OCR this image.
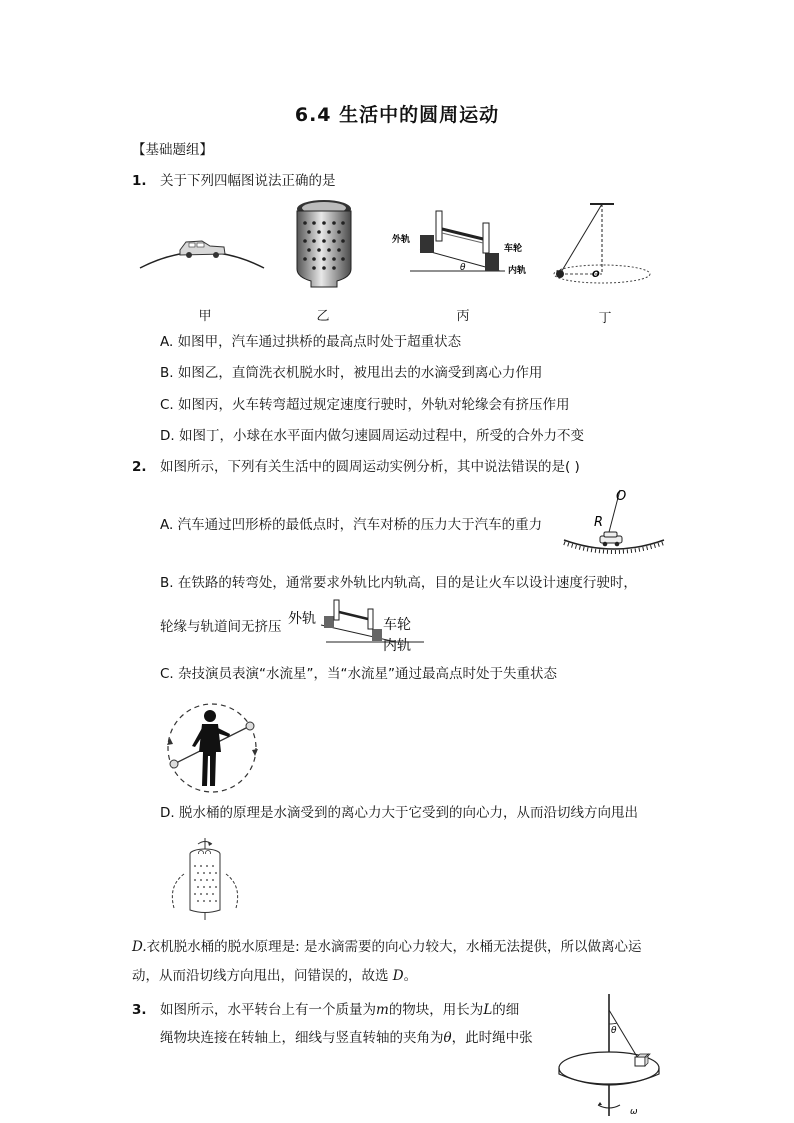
6.4 生活中的圆周运动
【基础题组】
1. 关于下列四幅图说法正确的是
外轨
车轮
内轨
θ
O
甲	乙	丙	丁
A. 如图甲，汽车通过拱桥的最高点时处于超重状态
B. 如图乙，直筒洗衣机脱水时，被甩出去的水滴受到离心力作用
C. 如图丙，火车转弯超过规定速度行驶时，外轨对轮缘会有挤压作用
D. 如图丁，小球在水平面内做匀速圆周运动过程中，所受的合外力不变
2. 如图所示，下列有关生活中的圆周运动实例分析，其中说法错误的是( )
A. 汽车通过凹形桥的最低点时，汽车对桥的压力大于汽车的重力
O
R
B. 在铁路的转弯处，通常要求外轨比内轨高，目的是让火车以设计速度行驶时，
轮缘与轨道间无挤压 外轨	车轮
内轨
C. 杂技演员表演“水流星”，当“水流星”通过最高点时处于失重状态
D. 脱水桶的原理是水滴受到的离心力大于它受到的向心力，从而沿切线方向甩出
D.衣机脱水桶的脱水原理是: 是水滴需要的向心力较大，水桶无法提供，所以做离心运
动，从而沿切线方向甩出，问错误的，故选 D。
3. 如图所示，水平转台上有一个质量为m的物块，用长为L的细
绳物块连接在转轴上，细线与竖直转轴的夹角为θ，此时绳中张	θ
ω
